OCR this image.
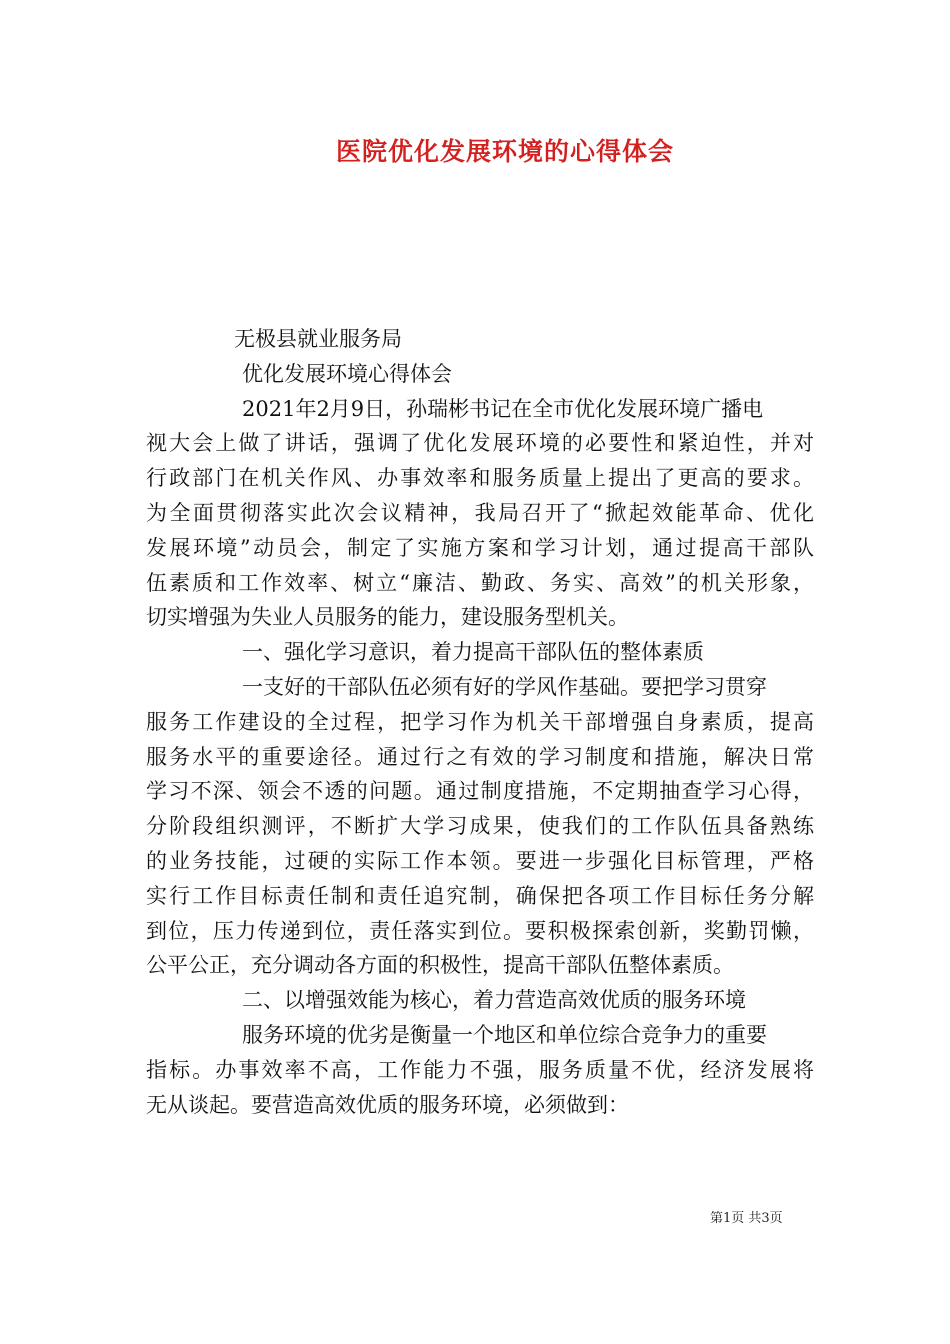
医院优化发展环境的心得体会
无极县就业服务局
优化发展环境心得体会
2021年2月9日，孙瑞彬书记在全市优化发展环境广播电
视大会上做了讲话，强调了优化发展环境的必要性和紧迫性，并对
行政部门在机关作风、办事效率和服务质量上提出了更高的要求。
为全面贯彻落实此次会议精神，我局召开了“掀起效能革命、优化
发展环境”动员会，制定了实施方案和学习计划，通过提高干部队
伍素质和工作效率、树立“廉洁、勤政、务实、高效”的机关形象，
切实增强为失业人员服务的能力，建设服务型机关。
一、强化学习意识，着力提高干部队伍的整体素质
一支好的干部队伍必须有好的学风作基础。要把学习贯穿
服务工作建设的全过程，把学习作为机关干部增强自身素质，提高
服务水平的重要途径。通过行之有效的学习制度和措施，解决日常
学习不深、领会不透的问题。通过制度措施，不定期抽查学习心得，
分阶段组织测评，不断扩大学习成果，使我们的工作队伍具备熟练
的业务技能，过硬的实际工作本领。要进一步强化目标管理，严格
实行工作目标责任制和责任追究制，确保把各项工作目标任务分解
到位，压力传递到位，责任落实到位。要积极探索创新，奖勤罚懒，
公平公正，充分调动各方面的积极性，提高干部队伍整体素质。
二、以增强效能为核心，着力营造高效优质的服务环境
服务环境的优劣是衡量一个地区和单位综合竞争力的重要
指标。办事效率不高，工作能力不强，服务质量不优，经济发展将
无从谈起。要营造高效优质的服务环境，必须做到：
第1页 共3页
